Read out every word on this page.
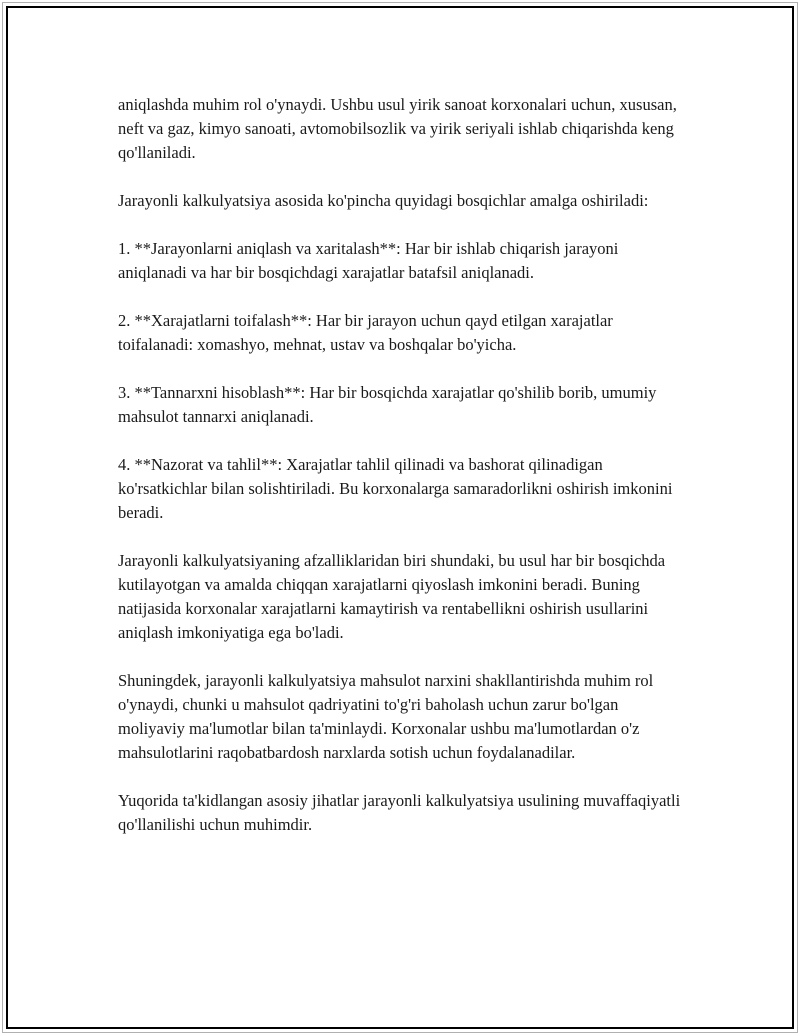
aniqlashda muhim rol o'ynaydi. Ushbu usul yirik sanoat korxonalari uchun, xususan, neft va gaz, kimyo sanoati, avtomobilsozlik va yirik seriyali ishlab chiqarishda keng qo'llaniladi.

Jarayonli kalkulyatsiya asosida ko'pincha quyidagi bosqichlar amalga oshiriladi:

1. **Jarayonlarni aniqlash va xaritalash**: Har bir ishlab chiqarish jarayoni aniqlanadi va har bir bosqichdagi xarajatlar batafsil aniqlanadi.

2. **Xarajatlarni toifalash**: Har bir jarayon uchun qayd etilgan xarajatlar toifalanadi: xomashyo, mehnat, ustav va boshqalar bo'yicha.

3. **Tannarxni hisoblash**: Har bir bosqichda xarajatlar qo'shilib borib, umumiy mahsulot tannarxi aniqlanadi.

4. **Nazorat va tahlil**: Xarajatlar tahlil qilinadi va bashorat qilinadigan ko'rsatkichlar bilan solishtiriladi. Bu korxonalarga samaradorlikni oshirish imkonini beradi.

Jarayonli kalkulyatsiyaning afzalliklaridan biri shundaki, bu usul har bir bosqichda kutilayotgan va amalda chiqqan xarajatlarni qiyoslash imkonini beradi. Buning natijasida korxonalar xarajatlarni kamaytirish va rentabellikni oshirish usullarini aniqlash imkoniyatiga ega bo'ladi.

Shuningdek, jarayonli kalkulyatsiya mahsulot narxini shakllantirishda muhim rol o'ynaydi, chunki u mahsulot qadriyatini to'g'ri baholash uchun zarur bo'lgan moliyaviy ma'lumotlar bilan ta'minlaydi. Korxonalar ushbu ma'lumotlardan o'z mahsulotlarini raqobatbardosh narxlarda sotish uchun foydalanadilar.

Yuqorida ta'kidlangan asosiy jihatlar jarayonli kalkulyatsiya usulining muvaffaqiyatli qo'llanilishi uchun muhimdir.
